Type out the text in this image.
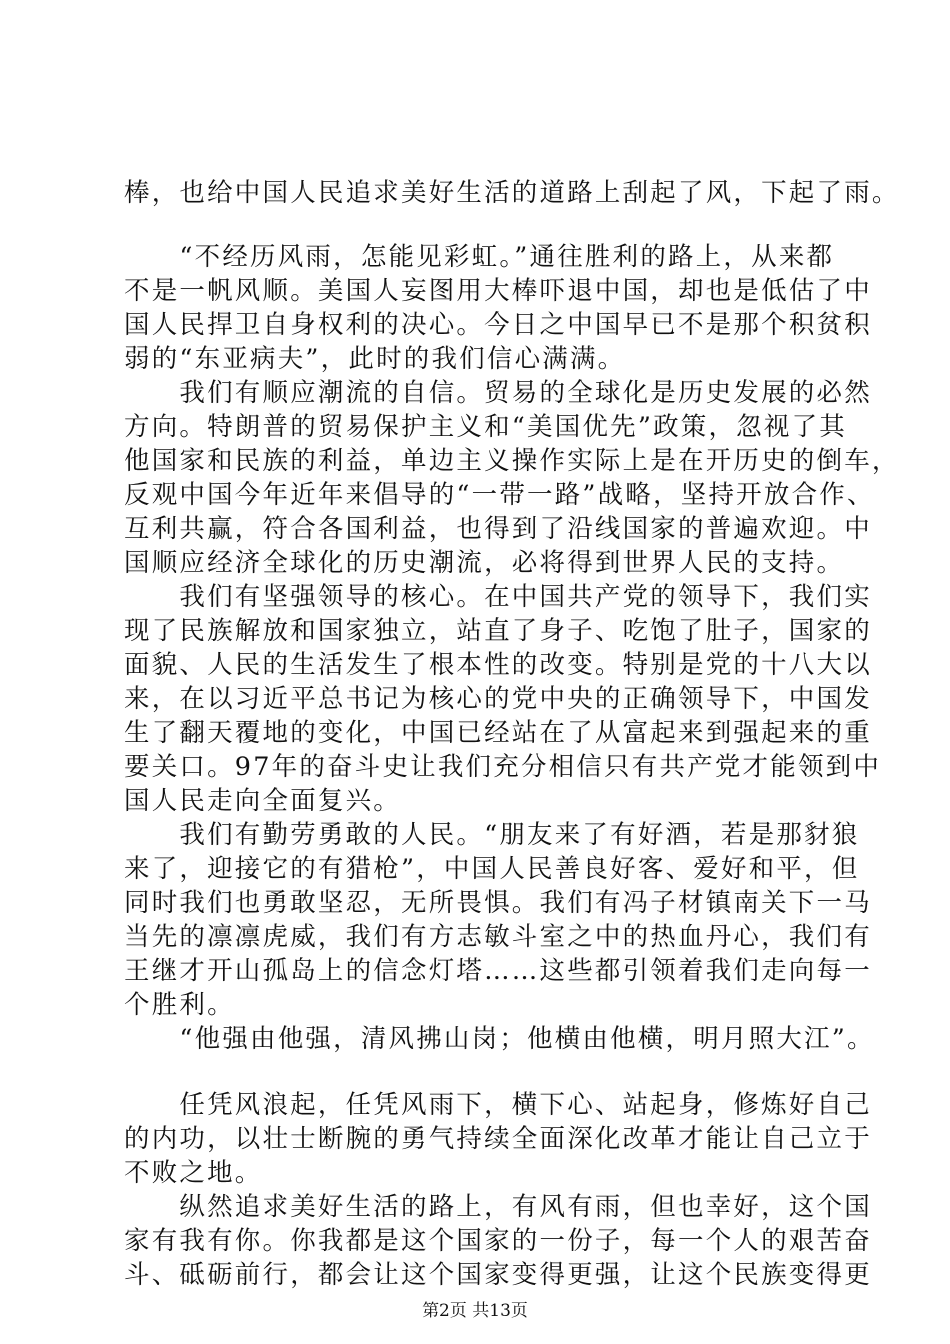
棒，也给中国人民追求美好生活的道路上刮起了风，下起了雨。
　　“不经历风雨，怎能见彩虹。”通往胜利的路上，从来都
不是一帆风顺。美国人妄图用大棒吓退中国，却也是低估了中
国人民捍卫自身权利的决心。今日之中国早已不是那个积贫积
弱的“东亚病夫”，此时的我们信心满满。
　　我们有顺应潮流的自信。贸易的全球化是历史发展的必然
方向。特朗普的贸易保护主义和“美国优先”政策，忽视了其
他国家和民族的利益，单边主义操作实际上是在开历史的倒车，
反观中国今年近年来倡导的“一带一路”战略，坚持开放合作、
互利共赢，符合各国利益，也得到了沿线国家的普遍欢迎。中
国顺应经济全球化的历史潮流，必将得到世界人民的支持。
　　我们有坚强领导的核心。在中国共产党的领导下，我们实
现了民族解放和国家独立，站直了身子、吃饱了肚子，国家的
面貌、人民的生活发生了根本性的改变。特别是党的十八大以
来，在以习近平总书记为核心的党中央的正确领导下，中国发
生了翻天覆地的变化，中国已经站在了从富起来到强起来的重
要关口。97年的奋斗史让我们充分相信只有共产党才能领到中
国人民走向全面复兴。
　　我们有勤劳勇敢的人民。“朋友来了有好酒，若是那豺狼
来了，迎接它的有猎枪”，中国人民善良好客、爱好和平，但
同时我们也勇敢坚忍，无所畏惧。我们有冯子材镇南关下一马
当先的凛凛虎威，我们有方志敏斗室之中的热血丹心，我们有
王继才开山孤岛上的信念灯塔……这些都引领着我们走向每一
个胜利。
　　“他强由他强，清风拂山岗；他横由他横，明月照大江”。
　　任凭风浪起，任凭风雨下，横下心、站起身，修炼好自己
的内功，以壮士断腕的勇气持续全面深化改革才能让自己立于
不败之地。
　　纵然追求美好生活的路上，有风有雨，但也幸好，这个国
家有我有你。你我都是这个国家的一份子，每一个人的艰苦奋
斗、砥砺前行，都会让这个国家变得更强，让这个民族变得更
第2页 共13页
